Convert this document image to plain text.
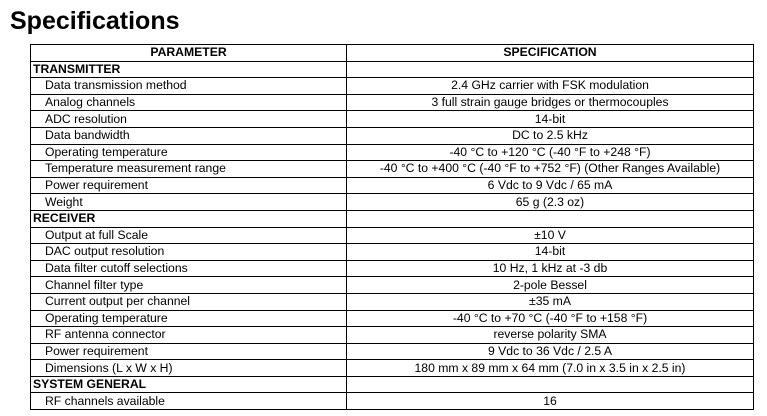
Specifications
PARAMETER	SPECIFICATION
TRANSMITTER	
Data transmission method	2.4 GHz carrier with FSK modulation
Analog channels	3 full strain gauge bridges or thermocouples
ADC resolution	14-bit
Data bandwidth	DC to 2.5 kHz
Operating temperature	-40 °C to +120 °C (-40 °F to +248 °F)
Temperature measurement range	-40 °C to +400 °C (-40 °F to +752 °F) (Other Ranges Available)
Power requirement	6 Vdc to 9 Vdc / 65 mA
Weight	65 g (2.3 oz)
RECEIVER	
Output at full Scale	±10 V
DAC output resolution	14-bit
Data filter cutoff selections	10 Hz, 1 kHz at -3 db
Channel filter type	2-pole Bessel
Current output per channel	±35 mA
Operating temperature	-40 °C to +70 °C (-40 °F to +158 °F)
RF antenna connector	reverse polarity SMA
Power requirement	9 Vdc to 36 Vdc / 2.5 A
Dimensions (L x W x H)	180 mm x 89 mm x 64 mm (7.0 in x 3.5 in x 2.5 in)
SYSTEM GENERAL	
RF channels available	16
